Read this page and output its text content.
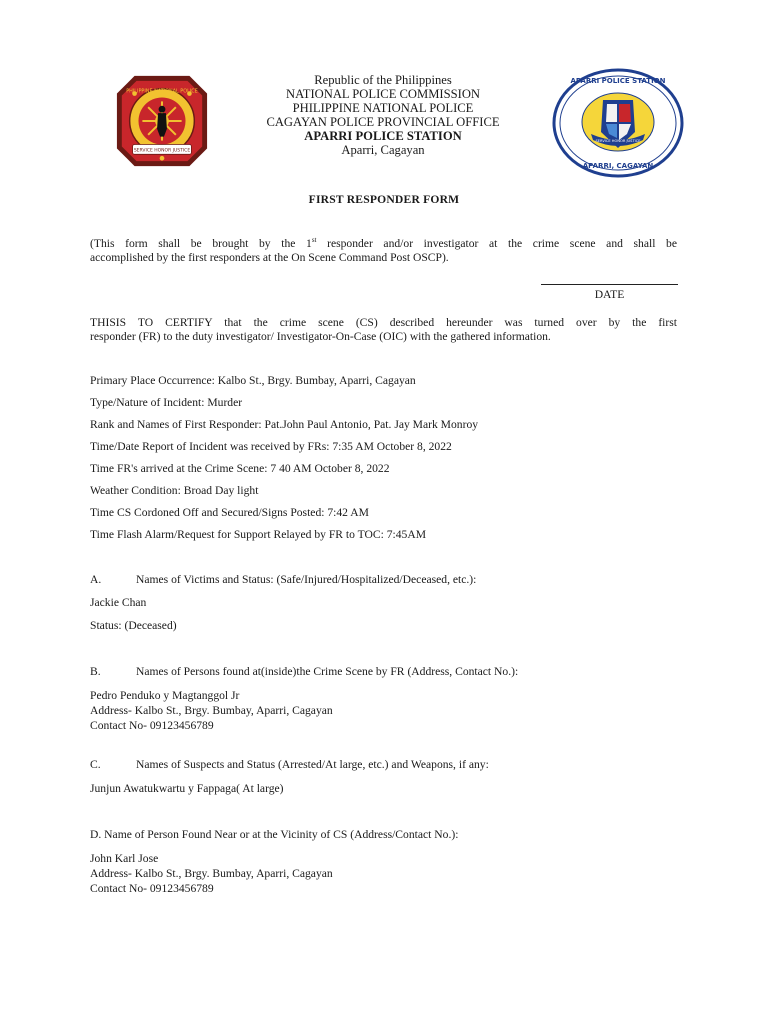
SERVICE HONOR JUSTICE
PHILIPPINE NATIONAL POLICE
SERVICE HONOR JUSTICE
APARRI POLICE STATION
APARRI, CAGAYAN
Republic of the Philippines
NATIONAL POLICE COMMISSION
PHILIPPINE NATIONAL POLICE
CAGAYAN POLICE PROVINCIAL OFFICE
APARRI POLICE STATION
Aparri, Cagayan
FIRST RESPONDER FORM
(This form shall be brought by the 1st responder and/or investigator at the crime scene and shall be
accomplished by the first responders at the On Scene Command Post OSCP).
DATE
THISIS TO CERTIFY that the crime scene (CS) described hereunder was turned over by the first
responder (FR) to the duty investigator/ Investigator-On-Case (OIC) with the gathered information.
Primary Place Occurrence: Kalbo St., Brgy. Bumbay, Aparri, Cagayan
Type/Nature of Incident: Murder
Rank and Names of First Responder: Pat.John Paul Antonio, Pat. Jay Mark Monroy
Time/Date Report of Incident was received by FRs: 7:35 AM October 8, 2022
Time FR's arrived at the Crime Scene: 7 40 AM October 8, 2022
Weather Condition: Broad Day light
Time CS Cordoned Off and Secured/Signs Posted: 7:42 AM
Time Flash Alarm/Request for Support Relayed by FR to TOC: 7:45AM
A.	Names of Victims and Status: (Safe/Injured/Hospitalized/Deceased, etc.):
Jackie Chan
Status: (Deceased)
B.	Names of Persons found at(inside)the Crime Scene by FR (Address, Contact No.):
Pedro Penduko y Magtanggol Jr
Address- Kalbo St., Brgy. Bumbay, Aparri, Cagayan
Contact No- 09123456789
C.	Names of Suspects and Status (Arrested/At large, etc.) and Weapons, if any:
Junjun Awatukwartu y Fappaga( At large)
D. Name of Person Found Near or at the Vicinity of CS (Address/Contact No.):
John Karl Jose
Address- Kalbo St., Brgy. Bumbay, Aparri, Cagayan
Contact No- 09123456789
